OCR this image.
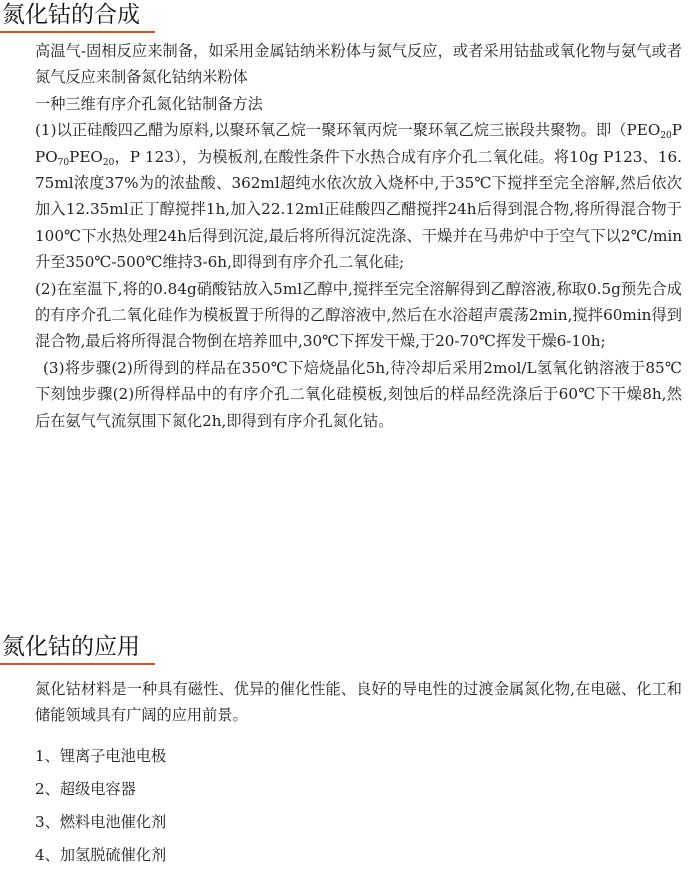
氮化钴的合成

高温气-固相反应来制备，如采用金属钴纳米粉体与氮气反应，或者采用钴盐或氧化物与氨气或者氮气反应来制备氮化钴纳米粉体

一种三维有序介孔氮化钴制备方法

(1)以正硅酸四乙醋为原料,以聚环氧乙烷一聚环氧丙烷一聚环氧乙烷三嵌段共聚物。即（$PEO_{20}PPO_{70}PEO_{20}$，P 123），为模板剂,在酸性条件下水热合成有序介孔二氧化硅。将10g P123、16.75ml浓度37%为的浓盐酸、362ml超纯水依次放入烧杯中,于35℃下搅拌至完全溶解,然后依次加入12.35ml正丁醇搅拌1h,加入22.12ml正硅酸四乙醋搅拌24h后得到混合物,将所得混合物于100℃下水热处理24h后得到沉淀,最后将所得沉淀洗涤、干燥并在马弗炉中于空气下以2℃/min升至350℃-500℃维持3-6h,即得到有序介孔二氧化硅;

(2)在室温下,将的0.84g硝酸钴放入5ml乙醇中,搅拌至完全溶解得到乙醇溶液,称取0.5g预先合成的有序介孔二氧化硅作为模板置于所得的乙醇溶液中,然后在水浴超声震荡2min,搅拌60min得到混合物,最后将所得混合物倒在培养皿中,30℃下挥发干燥,于20-70℃挥发干燥6-10h;

(3)将步骤(2)所得到的样品在350℃下焙烧晶化5h,待冷却后采用2mol/L氢氧化钠溶液于85℃下刻蚀步骤(2)所得样品中的有序介孔二氧化硅模板,刻蚀后的样品经洗涤后于60℃下干燥8h,然后在氨气气流氛围下氮化2h,即得到有序介孔氮化钴。

氮化钴的应用

氮化钴材料是一种具有磁性、优异的催化性能、良好的导电性的过渡金属氮化物,在电磁、化工和储能领域具有广阔的应用前景。

1、锂离子电池电极
2、超级电容器
3、燃料电池催化剂
4、加氢脱硫催化剂
